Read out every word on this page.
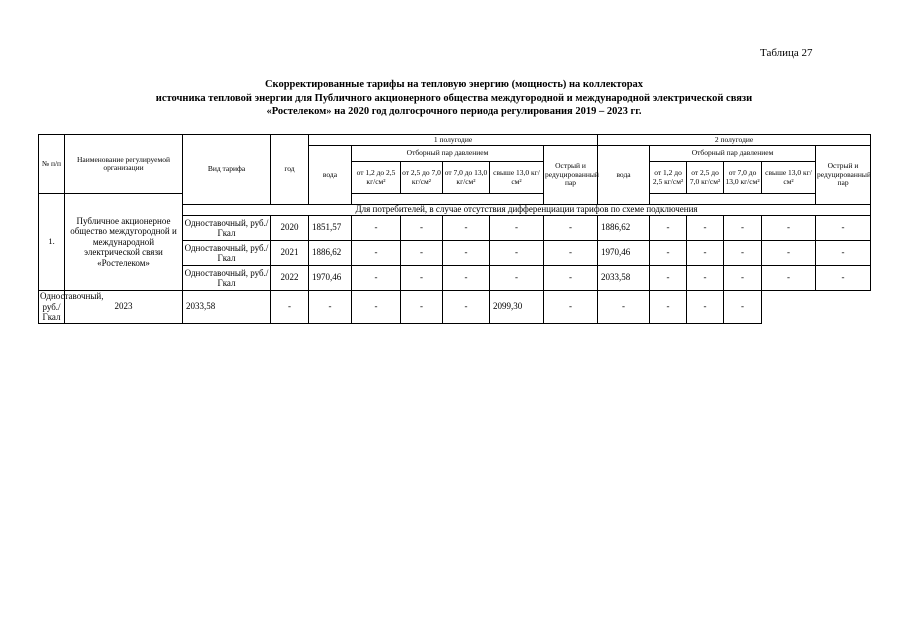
Таблица 27
Скорректированные тарифы на тепловую энергию (мощность) на коллекторах
источника тепловой энергии для Публичного акционерного общества междугородной и международной электрической связи
«Ростелеком» на 2020 год долгосрочного периода регулирования 2019 – 2023 гг.
№ п/п	Наименование регулируемой организации	Вид тарифа	год	1 полугодие						2 полугодие					
				вода	Отборный пар давлением				Острый и редуцированный пар	вода	Отборный пар давлением				Острый и редуцированный пар
					от 1,2 до 2,5 кг/см²	от 2,5 до 7,0 кг/см²	от 7,0 до 13,0 кг/см²	свыше 13,0 кг/см²			от 1,2 до 2,5 кг/см²	от 2,5 до 7,0 кг/см²	от 7,0 до 13,0 кг/см²	свыше 13,0 кг/см²	
1.	Публичное акционерное общество междугородной и международной электрической связи «Ростелеком»														
		Для потребителей, в случае отсутствия дифференциации тарифов по схеме подключения													
		Одноставочный, руб./Гкал	2020	1851,57	-	-	-	-	-	1886,62	-	-	-	-	-
		Одноставочный, руб./Гкал	2021	1886,62	-	-	-	-	-	1970,46	-	-	-	-	-
		Одноставочный, руб./Гкал	2022	1970,46	-	-	-	-	-	2033,58	-	-	-	-	-
Одноставочный, руб./Гкал	2023	2033,58	-	-	-	-	-	2099,30	-	-	-	-	-		
